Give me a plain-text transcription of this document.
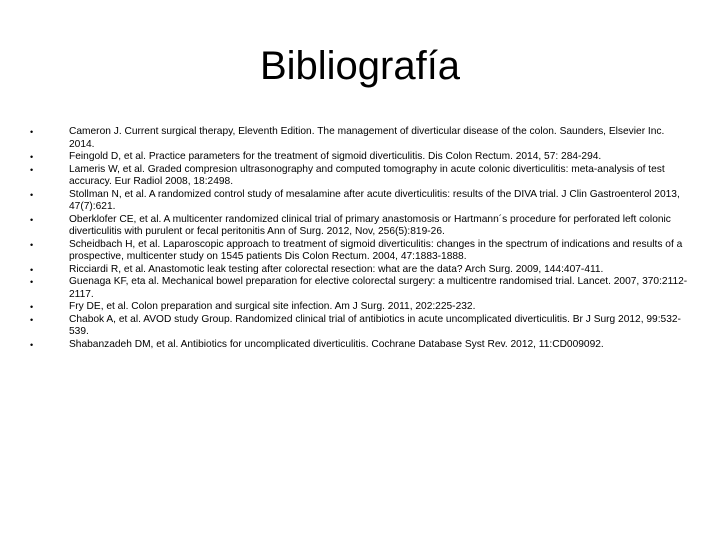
Bibliografía
•	Cameron J. Current surgical therapy, Eleventh Edition. The management of diverticular disease of the colon. Saunders, Elsevier Inc. 2014.
•	Feingold D, et al. Practice parameters for the treatment of sigmoid diverticulitis. Dis Colon Rectum. 2014, 57: 284-294.
•	Lameris W, et al. Graded compresion ultrasonography and computed tomography in acute colonic diverticulitis: meta-analysis of test accuracy. Eur Radiol 2008, 18:2498.
•	Stollman N, et al. A randomized control study of mesalamine after acute diverticulitis: results of the DIVA trial. J Clin Gastroenterol 2013, 47(7):621.
•	Oberklofer CE, et al. A multicenter randomized clinical trial of primary anastomosis or Hartmann´s procedure for perforated left colonic diverticulitis with purulent or fecal peritonitis Ann of Surg. 2012, Nov, 256(5):819-26.
•	Scheidbach H, et al. Laparoscopic approach to treatment of sigmoid diverticulitis: changes in the spectrum of indications and results of a prospective, multicenter study on 1545 patients Dis Colon Rectum. 2004, 47:1883-1888.
•	Ricciardi R, et al. Anastomotic leak testing after colorectal resection: what are the data? Arch Surg. 2009, 144:407-411.
•	Guenaga KF, eta al. Mechanical bowel preparation for elective colorectal surgery: a multicentre randomised trial. Lancet. 2007, 370:2112-2117.
•	Fry DE, et al. Colon preparation and surgical site infection. Am J Surg. 2011, 202:225-232.
•	Chabok A, et al. AVOD study Group. Randomized clinical trial of antibiotics in acute uncomplicated diverticulitis. Br J Surg 2012, 99:532-539.
•	Shabanzadeh DM, et al. Antibiotics for uncomplicated diverticulitis. Cochrane Database Syst Rev. 2012, 11:CD009092.
